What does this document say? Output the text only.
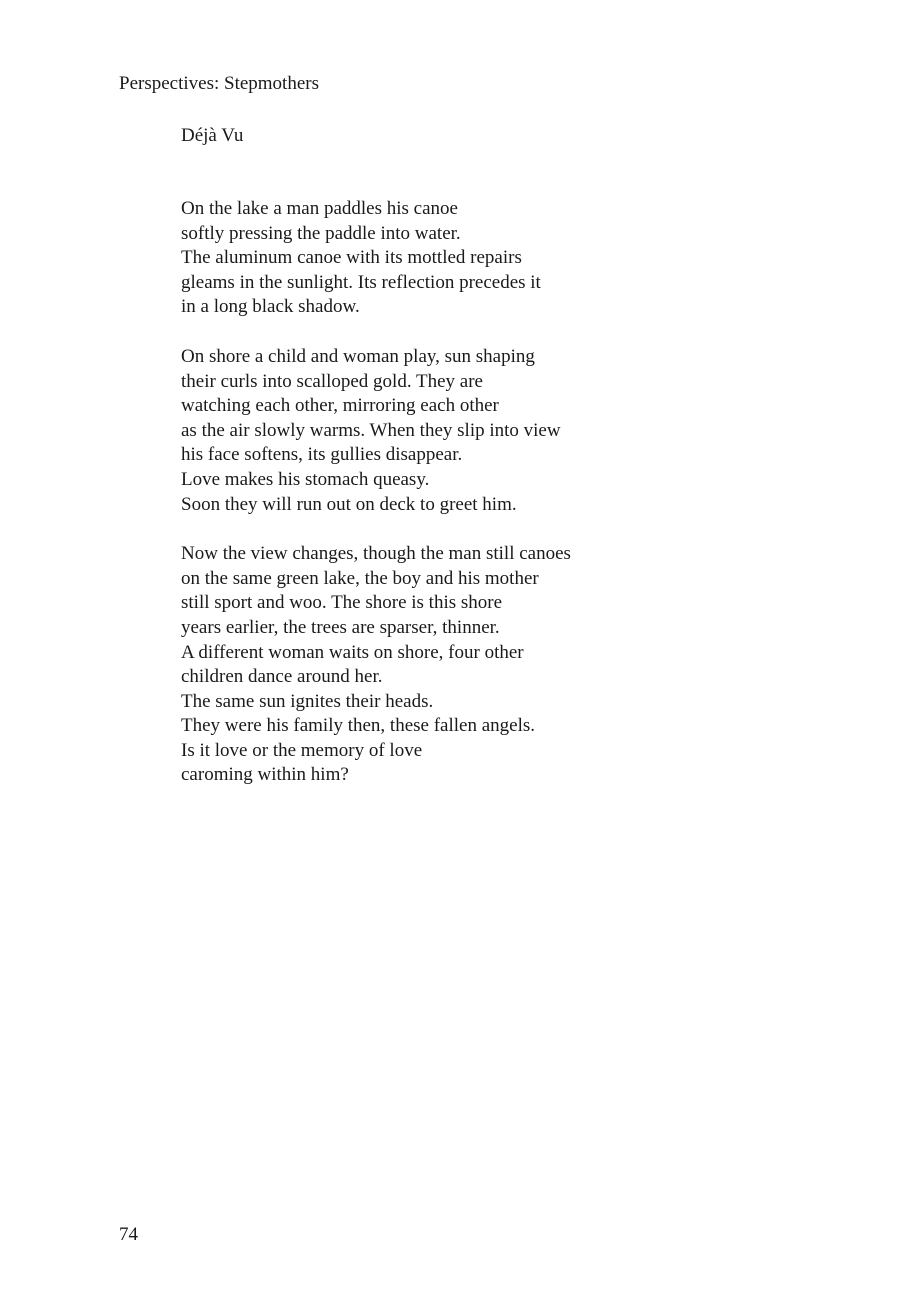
Perspectives: Stepmothers
Déjà Vu
On the lake a man paddles his canoe
softly pressing the paddle into water.
The aluminum canoe with its mottled repairs
gleams in the sunlight. Its reflection precedes it
in a long black shadow.
On shore a child and woman play, sun shaping
their curls into scalloped gold. They are
watching each other, mirroring each other
as the air slowly warms. When they slip into view
his face softens, its gullies disappear.
Love makes his stomach queasy.
Soon they will run out on deck to greet him.
Now the view changes, though the man still canoes
on the same green lake, the boy and his mother
still sport and woo. The shore is this shore
years earlier, the trees are sparser, thinner.
A different woman waits on shore, four other
children dance around her.
The same sun ignites their heads.
They were his family then, these fallen angels.
Is it love or the memory of love
caroming within him?
74
